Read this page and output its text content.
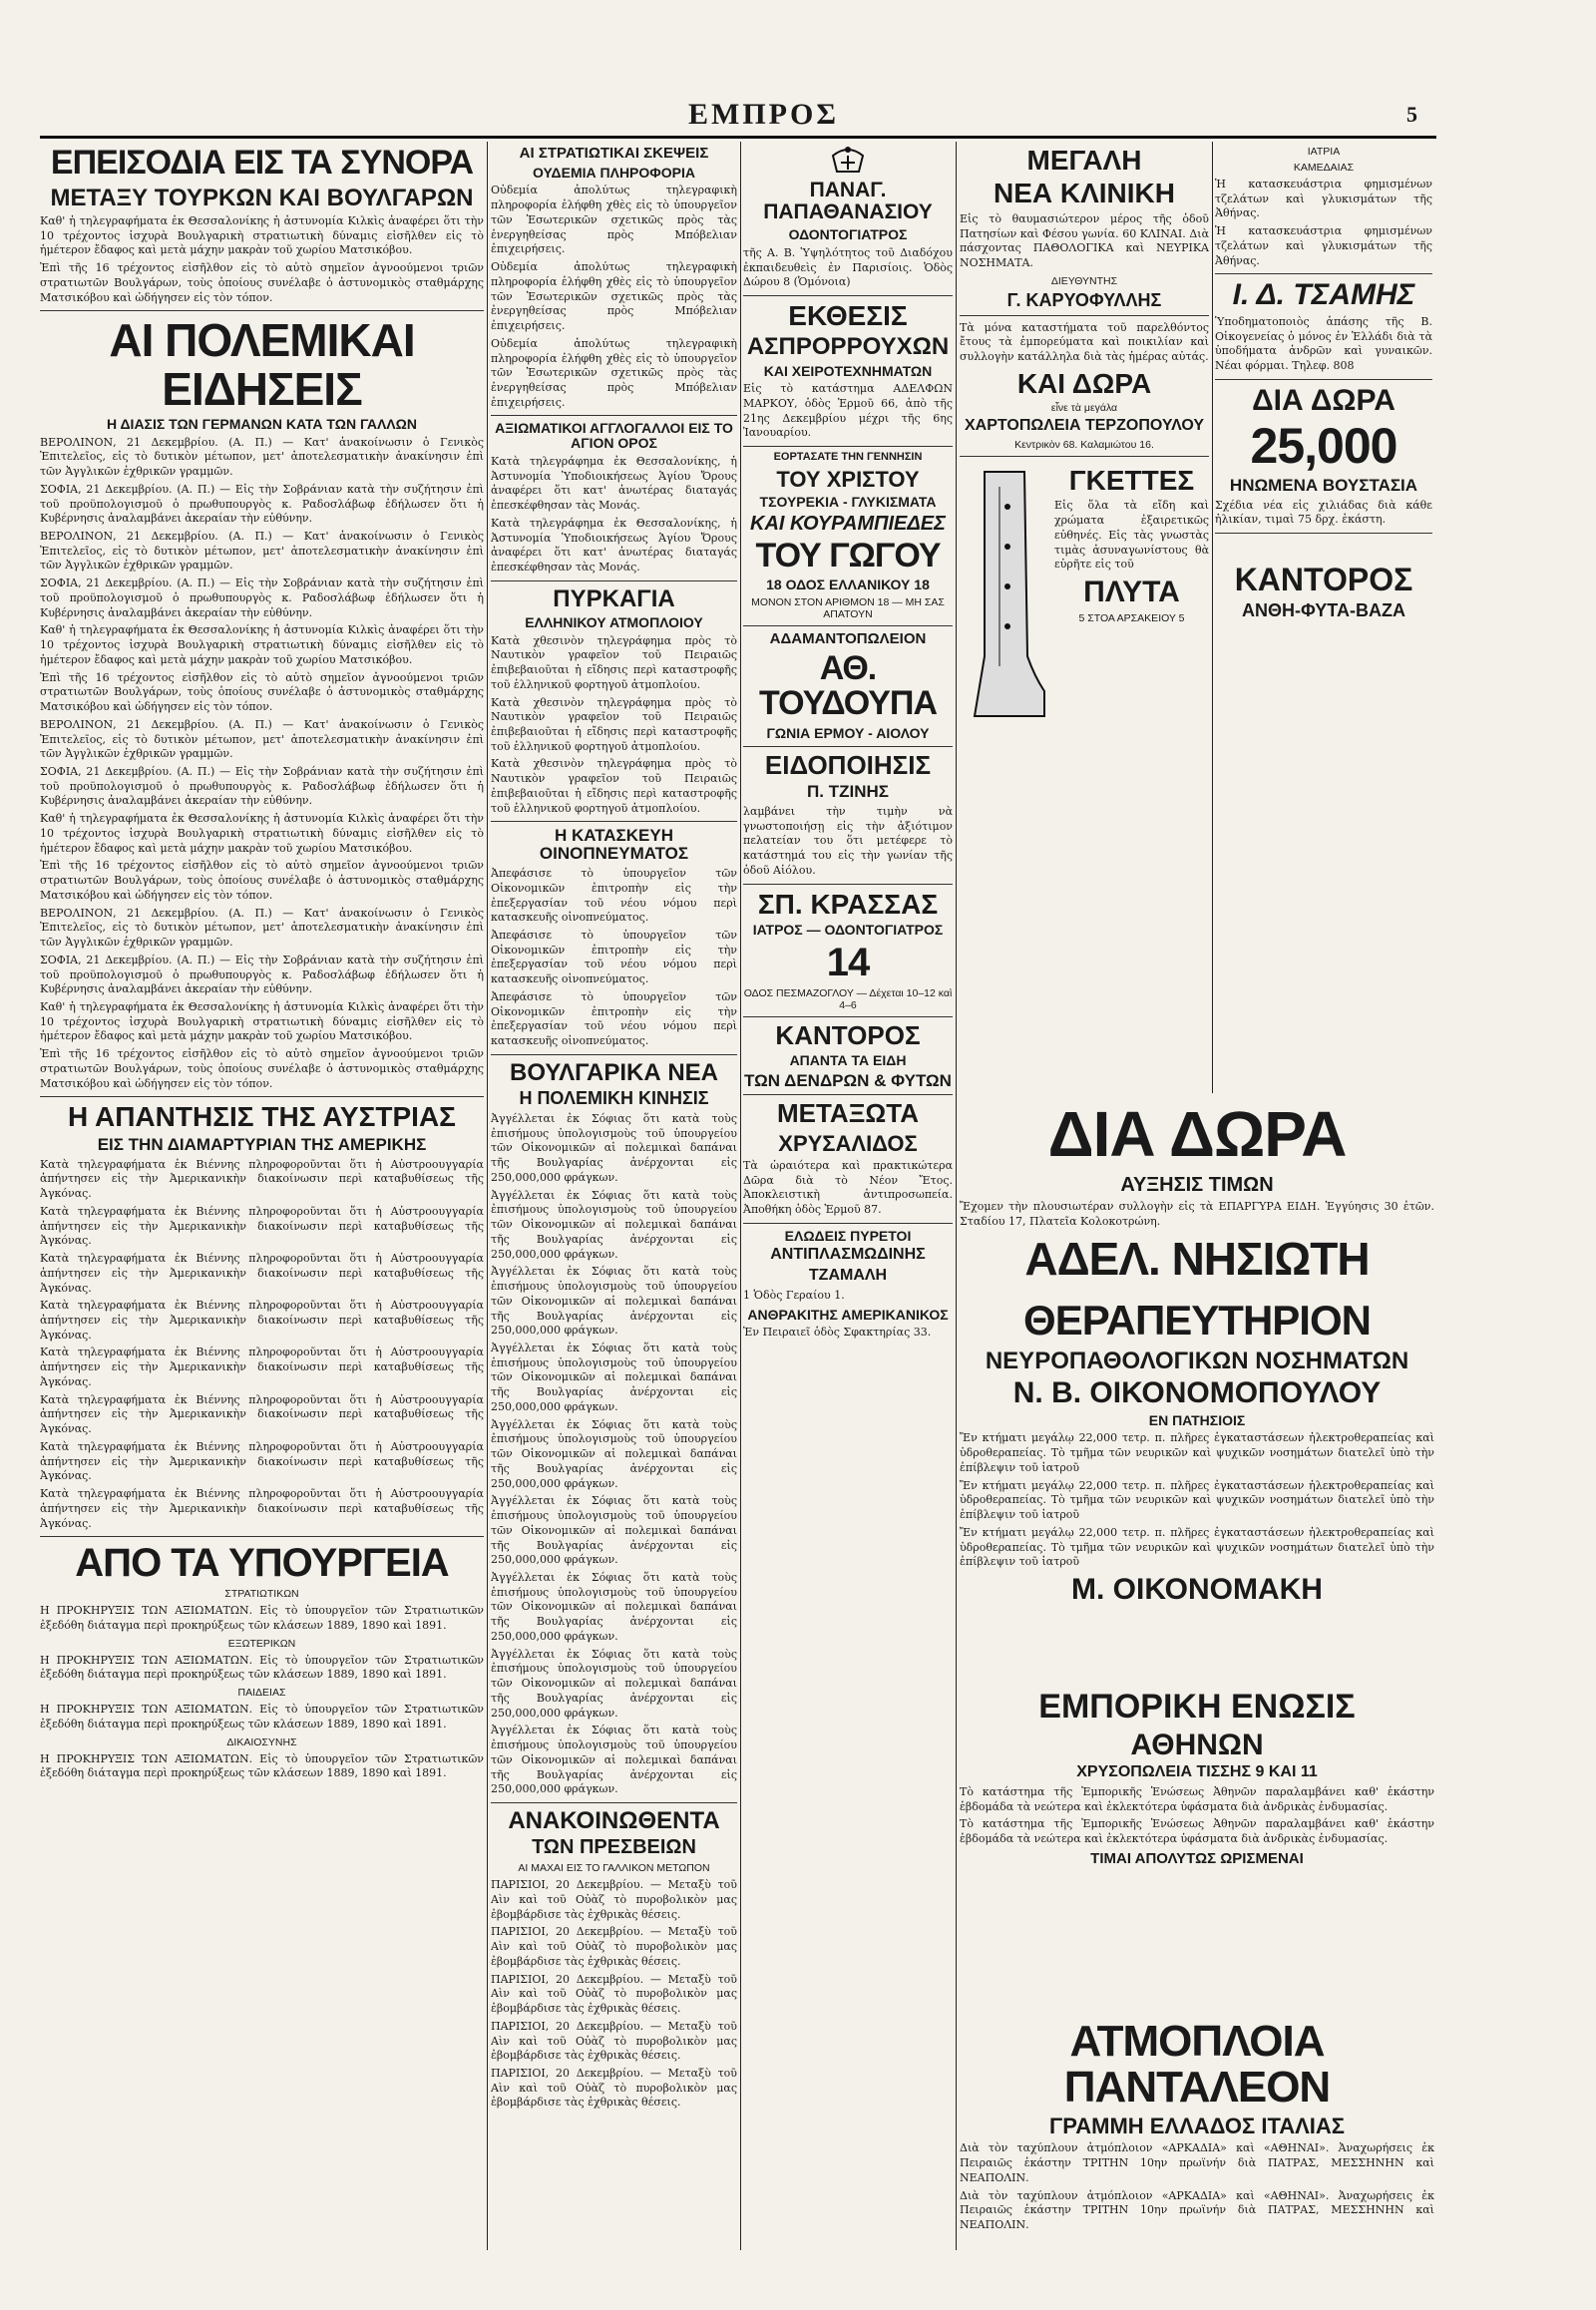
ΕΜΠΡΟΣ	5
ΕΠΕΙΣΟΔΙΑ ΕΙΣ ΤΑ ΣΥΝΟΡΑ
ΜΕΤΑΞΥ ΤΟΥΡΚΩΝ ΚΑΙ ΒΟΥΛΓΑΡΩΝ

Καθ' ἡ τηλεγραφήματα ἐκ Θεσσαλονίκης ἡ ἀστυνομία Κιλκὶς ἀναφέρει ὅτι τὴν 10 τρέχοντος ἰσχυρὰ Βουλγαρικὴ στρατιωτικὴ δύναμις εἰσῆλθεν εἰς τὸ ἡμέτερον ἔδαφος καὶ μετὰ μάχην μακρὰν τοῦ χωρίου Ματσικόβου.

Ἐπὶ τῆς 16 τρέχοντος εἰσῆλθον εἰς τὸ αὐτὸ σημεῖον ἀγνοούμενοι τριῶν στρατιωτῶν Βουλγάρων, τοὺς ὁποίους συνέλαβε ὁ ἀστυνομικὸς σταθμάρχης Ματσικόβου καὶ ὡδήγησεν εἰς τὸν τόπον.

ΑΙ ΠΟΛΕΜΙΚΑΙ ΕΙΔΗΣΕΙΣ
Η ΔΙΑΣΙΣ ΤΩΝ ΓΕΡΜΑΝΩΝ ΚΑΤΑ ΤΩΝ ΓΑΛΛΩΝ

ΒΕΡΟΛΙΝΟΝ, 21 Δεκεμβρίου. (Α. Π.) — Κατ' ἀνακοίνωσιν ὁ Γενικὸς Ἐπιτελεῖος, εἰς τὸ δυτικὸν μέτωπον, μετ' ἀποτελεσματικὴν ἀνακίνησιν ἐπὶ τῶν Ἀγγλικῶν ἐχθρικῶν γραμμῶν.

ΣΟΦΙΑ, 21 Δεκεμβρίου. (Α. Π.) — Εἰς τὴν Σοβράνιαν κατὰ τὴν συζήτησιν ἐπὶ τοῦ προϋπολογισμοῦ ὁ πρωθυπουργὸς κ. Ραδοσλάβωφ ἐδήλωσεν ὅτι ἡ Κυβέρνησις ἀναλαμβάνει ἀκεραίαν τὴν εὐθύνην.

ΒΕΡΟΛΙΝΟΝ, 21 Δεκεμβρίου. (Α. Π.) — Κατ' ἀνακοίνωσιν ὁ Γενικὸς Ἐπιτελεῖος, εἰς τὸ δυτικὸν μέτωπον, μετ' ἀποτελεσματικὴν ἀνακίνησιν ἐπὶ τῶν Ἀγγλικῶν ἐχθρικῶν γραμμῶν.

ΣΟΦΙΑ, 21 Δεκεμβρίου. (Α. Π.) — Εἰς τὴν Σοβράνιαν κατὰ τὴν συζήτησιν ἐπὶ τοῦ προϋπολογισμοῦ ὁ πρωθυπουργὸς κ. Ραδοσλάβωφ ἐδήλωσεν ὅτι ἡ Κυβέρνησις ἀναλαμβάνει ἀκεραίαν τὴν εὐθύνην.

Καθ' ἡ τηλεγραφήματα ἐκ Θεσσαλονίκης ἡ ἀστυνομία Κιλκὶς ἀναφέρει ὅτι τὴν 10 τρέχοντος ἰσχυρὰ Βουλγαρικὴ στρατιωτικὴ δύναμις εἰσῆλθεν εἰς τὸ ἡμέτερον ἔδαφος καὶ μετὰ μάχην μακρὰν τοῦ χωρίου Ματσικόβου.

Ἐπὶ τῆς 16 τρέχοντος εἰσῆλθον εἰς τὸ αὐτὸ σημεῖον ἀγνοούμενοι τριῶν στρατιωτῶν Βουλγάρων, τοὺς ὁποίους συνέλαβε ὁ ἀστυνομικὸς σταθμάρχης Ματσικόβου καὶ ὡδήγησεν εἰς τὸν τόπον.

ΒΕΡΟΛΙΝΟΝ, 21 Δεκεμβρίου. (Α. Π.) — Κατ' ἀνακοίνωσιν ὁ Γενικὸς Ἐπιτελεῖος, εἰς τὸ δυτικὸν μέτωπον, μετ' ἀποτελεσματικὴν ἀνακίνησιν ἐπὶ τῶν Ἀγγλικῶν ἐχθρικῶν γραμμῶν.

ΣΟΦΙΑ, 21 Δεκεμβρίου. (Α. Π.) — Εἰς τὴν Σοβράνιαν κατὰ τὴν συζήτησιν ἐπὶ τοῦ προϋπολογισμοῦ ὁ πρωθυπουργὸς κ. Ραδοσλάβωφ ἐδήλωσεν ὅτι ἡ Κυβέρνησις ἀναλαμβάνει ἀκεραίαν τὴν εὐθύνην.

Καθ' ἡ τηλεγραφήματα ἐκ Θεσσαλονίκης ἡ ἀστυνομία Κιλκὶς ἀναφέρει ὅτι τὴν 10 τρέχοντος ἰσχυρὰ Βουλγαρικὴ στρατιωτικὴ δύναμις εἰσῆλθεν εἰς τὸ ἡμέτερον ἔδαφος καὶ μετὰ μάχην μακρὰν τοῦ χωρίου Ματσικόβου.

Ἐπὶ τῆς 16 τρέχοντος εἰσῆλθον εἰς τὸ αὐτὸ σημεῖον ἀγνοούμενοι τριῶν στρατιωτῶν Βουλγάρων, τοὺς ὁποίους συνέλαβε ὁ ἀστυνομικὸς σταθμάρχης Ματσικόβου καὶ ὡδήγησεν εἰς τὸν τόπον.

ΒΕΡΟΛΙΝΟΝ, 21 Δεκεμβρίου. (Α. Π.) — Κατ' ἀνακοίνωσιν ὁ Γενικὸς Ἐπιτελεῖος, εἰς τὸ δυτικὸν μέτωπον, μετ' ἀποτελεσματικὴν ἀνακίνησιν ἐπὶ τῶν Ἀγγλικῶν ἐχθρικῶν γραμμῶν.

ΣΟΦΙΑ, 21 Δεκεμβρίου. (Α. Π.) — Εἰς τὴν Σοβράνιαν κατὰ τὴν συζήτησιν ἐπὶ τοῦ προϋπολογισμοῦ ὁ πρωθυπουργὸς κ. Ραδοσλάβωφ ἐδήλωσεν ὅτι ἡ Κυβέρνησις ἀναλαμβάνει ἀκεραίαν τὴν εὐθύνην.

Καθ' ἡ τηλεγραφήματα ἐκ Θεσσαλονίκης ἡ ἀστυνομία Κιλκὶς ἀναφέρει ὅτι τὴν 10 τρέχοντος ἰσχυρὰ Βουλγαρικὴ στρατιωτικὴ δύναμις εἰσῆλθεν εἰς τὸ ἡμέτερον ἔδαφος καὶ μετὰ μάχην μακρὰν τοῦ χωρίου Ματσικόβου.

Ἐπὶ τῆς 16 τρέχοντος εἰσῆλθον εἰς τὸ αὐτὸ σημεῖον ἀγνοούμενοι τριῶν στρατιωτῶν Βουλγάρων, τοὺς ὁποίους συνέλαβε ὁ ἀστυνομικὸς σταθμάρχης Ματσικόβου καὶ ὡδήγησεν εἰς τὸν τόπον.

Η ΑΠΑΝΤΗΣΙΣ ΤΗΣ ΑΥΣΤΡΙΑΣ
ΕΙΣ ΤΗΝ ΔΙΑΜΑΡΤΥΡΙΑΝ ΤΗΣ ΑΜΕΡΙΚΗΣ

Κατὰ τηλεγραφήματα ἐκ Βιέννης πληροφοροῦνται ὅτι ἡ Αὐστροουγγαρία ἀπήντησεν εἰς τὴν Ἀμερικανικὴν διακοίνωσιν περὶ καταβυθίσεως τῆς Ἀγκόνας.

Κατὰ τηλεγραφήματα ἐκ Βιέννης πληροφοροῦνται ὅτι ἡ Αὐστροουγγαρία ἀπήντησεν εἰς τὴν Ἀμερικανικὴν διακοίνωσιν περὶ καταβυθίσεως τῆς Ἀγκόνας.

Κατὰ τηλεγραφήματα ἐκ Βιέννης πληροφοροῦνται ὅτι ἡ Αὐστροουγγαρία ἀπήντησεν εἰς τὴν Ἀμερικανικὴν διακοίνωσιν περὶ καταβυθίσεως τῆς Ἀγκόνας.

Κατὰ τηλεγραφήματα ἐκ Βιέννης πληροφοροῦνται ὅτι ἡ Αὐστροουγγαρία ἀπήντησεν εἰς τὴν Ἀμερικανικὴν διακοίνωσιν περὶ καταβυθίσεως τῆς Ἀγκόνας.

Κατὰ τηλεγραφήματα ἐκ Βιέννης πληροφοροῦνται ὅτι ἡ Αὐστροουγγαρία ἀπήντησεν εἰς τὴν Ἀμερικανικὴν διακοίνωσιν περὶ καταβυθίσεως τῆς Ἀγκόνας.

Κατὰ τηλεγραφήματα ἐκ Βιέννης πληροφοροῦνται ὅτι ἡ Αὐστροουγγαρία ἀπήντησεν εἰς τὴν Ἀμερικανικὴν διακοίνωσιν περὶ καταβυθίσεως τῆς Ἀγκόνας.

Κατὰ τηλεγραφήματα ἐκ Βιέννης πληροφοροῦνται ὅτι ἡ Αὐστροουγγαρία ἀπήντησεν εἰς τὴν Ἀμερικανικὴν διακοίνωσιν περὶ καταβυθίσεως τῆς Ἀγκόνας.

Κατὰ τηλεγραφήματα ἐκ Βιέννης πληροφοροῦνται ὅτι ἡ Αὐστροουγγαρία ἀπήντησεν εἰς τὴν Ἀμερικανικὴν διακοίνωσιν περὶ καταβυθίσεως τῆς Ἀγκόνας.

ΑΠΟ ΤΑ ΥΠΟΥΡΓΕΙΑ
ΣΤΡΑΤΙΩΤΙΚΩΝ

Η ΠΡΟΚΗΡΥΞΙΣ ΤΩΝ ΑΞΙΩΜΑΤΩΝ. Εἰς τὸ ὑπουργεῖον τῶν Στρατιωτικῶν ἐξεδόθη διάταγμα περὶ προκηρύξεως τῶν κλάσεων 1889, 1890 καὶ 1891.

ΕΞΩΤΕΡΙΚΩΝ

Η ΠΡΟΚΗΡΥΞΙΣ ΤΩΝ ΑΞΙΩΜΑΤΩΝ. Εἰς τὸ ὑπουργεῖον τῶν Στρατιωτικῶν ἐξεδόθη διάταγμα περὶ προκηρύξεως τῶν κλάσεων 1889, 1890 καὶ 1891.

ΠΑΙΔΕΙΑΣ

Η ΠΡΟΚΗΡΥΞΙΣ ΤΩΝ ΑΞΙΩΜΑΤΩΝ. Εἰς τὸ ὑπουργεῖον τῶν Στρατιωτικῶν ἐξεδόθη διάταγμα περὶ προκηρύξεως τῶν κλάσεων 1889, 1890 καὶ 1891.

ΔΙΚΑΙΟΣΥΝΗΣ

Η ΠΡΟΚΗΡΥΞΙΣ ΤΩΝ ΑΞΙΩΜΑΤΩΝ. Εἰς τὸ ὑπουργεῖον τῶν Στρατιωτικῶν ἐξεδόθη διάταγμα περὶ προκηρύξεως τῶν κλάσεων 1889, 1890 καὶ 1891.

ΑΙ ΣΤΡΑΤΙΩΤΙΚΑΙ ΣΚΕΨΕΙΣ
ΟΥΔΕΜΙΑ ΠΛΗΡΟΦΟΡΙΑ

Οὐδεμία ἀπολύτως τηλεγραφικὴ πληροφορία ἐλήφθη χθὲς εἰς τὸ ὑπουργεῖον τῶν Ἐσωτερικῶν σχετικῶς πρὸς τὰς ἐνεργηθείσας πρὸς Μπόβελιαν ἐπιχειρήσεις.

Οὐδεμία ἀπολύτως τηλεγραφικὴ πληροφορία ἐλήφθη χθὲς εἰς τὸ ὑπουργεῖον τῶν Ἐσωτερικῶν σχετικῶς πρὸς τὰς ἐνεργηθείσας πρὸς Μπόβελιαν ἐπιχειρήσεις.

Οὐδεμία ἀπολύτως τηλεγραφικὴ πληροφορία ἐλήφθη χθὲς εἰς τὸ ὑπουργεῖον τῶν Ἐσωτερικῶν σχετικῶς πρὸς τὰς ἐνεργηθείσας πρὸς Μπόβελιαν ἐπιχειρήσεις.

ΑΞΙΩΜΑΤΙΚΟΙ ΑΓΓΛΟΓΑΛΛΟΙ ΕΙΣ ΤΟ ΑΓΙΟΝ ΟΡΟΣ

Κατὰ τηλεγράφημα ἐκ Θεσσαλονίκης, ἡ Ἀστυνομία Ὑποδιοικήσεως Ἁγίου Ὄρους ἀναφέρει ὅτι κατ' ἀνωτέρας διαταγάς ἐπεσκέφθησαν τὰς Μονάς.

Κατὰ τηλεγράφημα ἐκ Θεσσαλονίκης, ἡ Ἀστυνομία Ὑποδιοικήσεως Ἁγίου Ὄρους ἀναφέρει ὅτι κατ' ἀνωτέρας διαταγάς ἐπεσκέφθησαν τὰς Μονάς.

ΠΥΡΚΑΓΙΑ
ΕΛΛΗΝΙΚΟΥ ΑΤΜΟΠΛΟΙΟΥ

Κατὰ χθεσινὸν τηλεγράφημα πρὸς τὸ Ναυτικὸν γραφεῖον τοῦ Πειραιῶς ἐπιβεβαιοῦται ἡ εἴδησις περὶ καταστροφῆς τοῦ ἑλληνικοῦ φορτηγοῦ ἀτμοπλοίου.

Κατὰ χθεσινὸν τηλεγράφημα πρὸς τὸ Ναυτικὸν γραφεῖον τοῦ Πειραιῶς ἐπιβεβαιοῦται ἡ εἴδησις περὶ καταστροφῆς τοῦ ἑλληνικοῦ φορτηγοῦ ἀτμοπλοίου.

Κατὰ χθεσινὸν τηλεγράφημα πρὸς τὸ Ναυτικὸν γραφεῖον τοῦ Πειραιῶς ἐπιβεβαιοῦται ἡ εἴδησις περὶ καταστροφῆς τοῦ ἑλληνικοῦ φορτηγοῦ ἀτμοπλοίου.

Η ΚΑΤΑΣΚΕΥΗ ΟΙΝΟΠΝΕΥΜΑΤΟΣ

Ἀπεφάσισε τὸ ὑπουργεῖον τῶν Οἰκονομικῶν ἐπιτροπὴν εἰς τὴν ἐπεξεργασίαν τοῦ νέου νόμου περὶ κατασκευῆς οἰνοπνεύματος.

Ἀπεφάσισε τὸ ὑπουργεῖον τῶν Οἰκονομικῶν ἐπιτροπὴν εἰς τὴν ἐπεξεργασίαν τοῦ νέου νόμου περὶ κατασκευῆς οἰνοπνεύματος.

Ἀπεφάσισε τὸ ὑπουργεῖον τῶν Οἰκονομικῶν ἐπιτροπὴν εἰς τὴν ἐπεξεργασίαν τοῦ νέου νόμου περὶ κατασκευῆς οἰνοπνεύματος.

ΒΟΥΛΓΑΡΙΚΑ ΝΕΑ
Η ΠΟΛΕΜΙΚΗ ΚΙΝΗΣΙΣ

Ἀγγέλλεται ἐκ Σόφιας ὅτι κατὰ τοὺς ἐπισήμους ὑπολογισμοὺς τοῦ ὑπουργείου τῶν Οἰκονομικῶν αἱ πολεμικαὶ δαπάναι τῆς Βουλγαρίας ἀνέρχονται εἰς 250,000,000 φράγκων.

Ἀγγέλλεται ἐκ Σόφιας ὅτι κατὰ τοὺς ἐπισήμους ὑπολογισμοὺς τοῦ ὑπουργείου τῶν Οἰκονομικῶν αἱ πολεμικαὶ δαπάναι τῆς Βουλγαρίας ἀνέρχονται εἰς 250,000,000 φράγκων.

Ἀγγέλλεται ἐκ Σόφιας ὅτι κατὰ τοὺς ἐπισήμους ὑπολογισμοὺς τοῦ ὑπουργείου τῶν Οἰκονομικῶν αἱ πολεμικαὶ δαπάναι τῆς Βουλγαρίας ἀνέρχονται εἰς 250,000,000 φράγκων.

Ἀγγέλλεται ἐκ Σόφιας ὅτι κατὰ τοὺς ἐπισήμους ὑπολογισμοὺς τοῦ ὑπουργείου τῶν Οἰκονομικῶν αἱ πολεμικαὶ δαπάναι τῆς Βουλγαρίας ἀνέρχονται εἰς 250,000,000 φράγκων.

Ἀγγέλλεται ἐκ Σόφιας ὅτι κατὰ τοὺς ἐπισήμους ὑπολογισμοὺς τοῦ ὑπουργείου τῶν Οἰκονομικῶν αἱ πολεμικαὶ δαπάναι τῆς Βουλγαρίας ἀνέρχονται εἰς 250,000,000 φράγκων.

Ἀγγέλλεται ἐκ Σόφιας ὅτι κατὰ τοὺς ἐπισήμους ὑπολογισμοὺς τοῦ ὑπουργείου τῶν Οἰκονομικῶν αἱ πολεμικαὶ δαπάναι τῆς Βουλγαρίας ἀνέρχονται εἰς 250,000,000 φράγκων.

Ἀγγέλλεται ἐκ Σόφιας ὅτι κατὰ τοὺς ἐπισήμους ὑπολογισμοὺς τοῦ ὑπουργείου τῶν Οἰκονομικῶν αἱ πολεμικαὶ δαπάναι τῆς Βουλγαρίας ἀνέρχονται εἰς 250,000,000 φράγκων.

Ἀγγέλλεται ἐκ Σόφιας ὅτι κατὰ τοὺς ἐπισήμους ὑπολογισμοὺς τοῦ ὑπουργείου τῶν Οἰκονομικῶν αἱ πολεμικαὶ δαπάναι τῆς Βουλγαρίας ἀνέρχονται εἰς 250,000,000 φράγκων.

Ἀγγέλλεται ἐκ Σόφιας ὅτι κατὰ τοὺς ἐπισήμους ὑπολογισμοὺς τοῦ ὑπουργείου τῶν Οἰκονομικῶν αἱ πολεμικαὶ δαπάναι τῆς Βουλγαρίας ἀνέρχονται εἰς 250,000,000 φράγκων.

ΑΝΑΚΟΙΝΩΘΕΝΤΑ
ΤΩΝ ΠΡΕΣΒΕΙΩΝ
ΑΙ ΜΑΧΑΙ ΕΙΣ ΤΟ ΓΑΛΛΙΚΟΝ ΜΕΤΩΠΟΝ

ΠΑΡΙΣΙΟΙ, 20 Δεκεμβρίου. — Μεταξὺ τοῦ Αὶν καὶ τοῦ Οὐὰζ τὸ πυροβολικὸν μας ἐβομβάρδισε τὰς ἐχθρικὰς θέσεις.

ΠΑΡΙΣΙΟΙ, 20 Δεκεμβρίου. — Μεταξὺ τοῦ Αὶν καὶ τοῦ Οὐὰζ τὸ πυροβολικὸν μας ἐβομβάρδισε τὰς ἐχθρικὰς θέσεις.

ΠΑΡΙΣΙΟΙ, 20 Δεκεμβρίου. — Μεταξὺ τοῦ Αὶν καὶ τοῦ Οὐὰζ τὸ πυροβολικὸν μας ἐβομβάρδισε τὰς ἐχθρικὰς θέσεις.

ΠΑΡΙΣΙΟΙ, 20 Δεκεμβρίου. — Μεταξὺ τοῦ Αὶν καὶ τοῦ Οὐὰζ τὸ πυροβολικὸν μας ἐβομβάρδισε τὰς ἐχθρικὰς θέσεις.

ΠΑΡΙΣΙΟΙ, 20 Δεκεμβρίου. — Μεταξὺ τοῦ Αὶν καὶ τοῦ Οὐὰζ τὸ πυροβολικὸν μας ἐβομβάρδισε τὰς ἐχθρικὰς θέσεις.

ΠΑΝΑΓ. ΠΑΠΑΘΑΝΑΣΙΟΥ
ΟΔΟΝΤΟΓΙΑΤΡΟΣ

τῆς Α. Β. Ὑψηλότητος τοῦ Διαδόχου ἐκπαιδευθεὶς ἐν Παρισίοις. Ὁδὸς Δώρου 8 (Ὁμόνοια)

ΕΚΘΕΣΙΣ
ΑΣΠΡΟΡΡΟΥΧΩΝ
ΚΑΙ ΧΕΙΡΟΤΕΧΝΗΜΑΤΩΝ

Εἰς τὸ κατάστημα ΑΔΕΛΦΩΝ ΜΑΡΚΟΥ, ὁδὸς Ἑρμοῦ 66, ἀπὸ τῆς 21ης Δεκεμβρίου μέχρι τῆς 6ης Ἰανουαρίου.

ΕΟΡΤΑΣΑΤΕ ΤΗΝ ΓΕΝΝΗΣΙΝ
ΤΟΥ ΧΡΙΣΤΟΥ
ΤΣΟΥΡΕΚΙΑ - ΓΛΥΚΙΣΜΑΤΑ
ΚΑΙ ΚΟΥΡΑΜΠΙΕΔΕΣ
ΤΟΥ ΓΩΓΟΥ
18 ΟΔΟΣ ΕΛΛΑΝΙΚΟΥ 18
ΜΟΝΟΝ ΣΤΟΝ ΑΡΙΘΜΟΝ 18 — ΜΗ ΣΑΣ ΑΠΑΤΟΥΝ
ΑΔΑΜΑΝΤΟΠΩΛΕΙΟΝ
ΑΘ. ΤΟΥΔΟΥΠΑ
ΓΩΝΙΑ ΕΡΜΟΥ - ΑΙΟΛΟΥ
ΕΙΔΟΠΟΙΗΣΙΣ
Π. ΤΖΙΝΗΣ

λαμβάνει τὴν τιμὴν νὰ γνωστοποιήσῃ εἰς τὴν ἀξιότιμον πελατείαν του ὅτι μετέφερε τὸ κατάστημά του εἰς τὴν γωνίαν τῆς ὁδοῦ Αἰόλου.

ΣΠ. ΚΡΑΣΣΑΣ
ΙΑΤΡΟΣ — ΟΔΟΝΤΟΓΙΑΤΡΟΣ
14
ΟΔΟΣ ΠΕΣΜΑΖΟΓΛΟΥ — Δέχεται 10–12 καὶ 4–6
ΚΑΝΤΟΡΟΣ
ΑΠΑΝΤΑ ΤΑ ΕΙΔΗ
ΤΩΝ ΔΕΝΔΡΩΝ & ΦΥΤΩΝ
ΜΕΤΑΞΩΤΑ
ΧΡΥΣΑΛΙΔΟΣ

Τὰ ὡραιότερα καὶ πρακτικώτερα Δῶρα διὰ τὸ Νέον Ἔτος. Ἀποκλειστικὴ ἀντιπροσωπεία. Ἀποθήκη ὁδὸς Ἑρμοῦ 87.

ΕΛΩΔΕΙΣ ΠΥΡΕΤΟΙ
ΑΝΤΙΠΛΑΣΜΩΔΙΝΗΣ
ΤΖΑΜΑΛΗ

1 Ὁδὸς Γεραίου 1.

ΑΝΘΡΑΚΙΤΗΣ ΑΜΕΡΙΚΑΝΙΚΟΣ

Ἐν Πειραιεῖ ὁδὸς Σφακτηρίας 33.

ΜΕΓΑΛΗ
ΝΕΑ ΚΛΙΝΙΚΗ

Εἰς τὸ θαυμασιώτερον μέρος τῆς ὁδοῦ Πατησίων καὶ Φέσου γωνία. 60 ΚΛΙΝΑΙ. Διὰ πάσχοντας ΠΑΘΟΛΟΓΙΚΑ καὶ ΝΕΥΡΙΚΑ ΝΟΣΗΜΑΤΑ.

ΔΙΕΥΘΥΝΤΗΣ
Γ. ΚΑΡΥΟΦΥΛΛΗΣ

Τὰ μόνα καταστήματα τοῦ παρελθόντος ἔτους τὰ ἐμπορεύματα καὶ ποικιλίαν καὶ συλλογὴν κατάλληλα διὰ τὰς ἡμέρας αὐτάς.

ΚΑΙ ΔΩΡΑ
εἶνε τὰ μεγάλα
ΧΑΡΤΟΠΩΛΕΙΑ ΤΕΡΖΟΠΟΥΛΟΥ
Κεντρικὸν 68. Καλαμιώτου 16.
ΓΚΕΤΤΕΣ

Εἰς ὅλα τὰ εἴδη καὶ χρώματα ἐξαιρετικῶς εὐθηνές. Εἰς τὰς γνωστὰς τιμὰς ἀσυναγωνίστους θὰ εὑρῆτε εἰς τοῦ

ΠΛΥΤΑ
5 ΣΤΟΑ ΑΡΣΑΚΕΙΟΥ 5
ΙΑΤΡΙΑ
ΚΑΜΕΔΑΙΑΣ

Ἡ κατασκευάστρια φημισμένων τζελάτων καὶ γλυκισμάτων τῆς Ἀθήνας.

Ἡ κατασκευάστρια φημισμένων τζελάτων καὶ γλυκισμάτων τῆς Ἀθήνας.

Ι. Δ. ΤΣΑΜΗΣ

Ὑποδηματοποιὸς ἁπάσης τῆς Β. Οἰκογενείας ὁ μόνος ἐν Ἑλλάδι διὰ τὰ ὑποδήματα ἀνδρῶν καὶ γυναικῶν. Νέαι φόρμαι. Τηλεφ. 808

ΔΙΑ ΔΩΡΑ
25,000
ΗΝΩΜΕΝΑ ΒΟΥΣΤΑΣΙΑ

Σχέδια νέα εἰς χιλιάδας διὰ κάθε ἡλικίαν, τιμαὶ 75 δρχ. ἑκάστη.

ΚΑΝΤΟΡΟΣ
ΑΝΘΗ-ΦΥΤΑ-ΒΑΖΑ
ΔΙΑ ΔΩΡΑ
ΑΥΞΗΣΙΣ ΤΙΜΩΝ

Ἔχομεν τὴν πλουσιωτέραν συλλογὴν εἰς τὰ ΕΠΑΡΓΥΡΑ ΕΙΔΗ. Ἐγγύησις 30 ἐτῶν. Σταδίου 17, Πλατεῖα Κολοκοτρώνη.

ΑΔΕΛ. ΝΗΣΙΩΤΗ
ΘΕΡΑΠΕΥΤΗΡΙΟΝ
ΝΕΥΡΟΠΑΘΟΛΟΓΙΚΩΝ ΝΟΣΗΜΑΤΩΝ
Ν. Β. ΟΙΚΟΝΟΜΟΠΟΥΛΟΥ
ΕΝ ΠΑΤΗΣΙΟΙΣ

Ἔν κτήματι μεγάλῳ 22,000 τετρ. π. πλῆρες ἐγκαταστάσεων ἠλεκτροθεραπείας καὶ ὑδροθεραπείας. Τὸ τμῆμα τῶν νευρικῶν καὶ ψυχικῶν νοσημάτων διατελεῖ ὑπὸ τὴν ἐπίβλεψιν τοῦ ἰατροῦ

Ἔν κτήματι μεγάλῳ 22,000 τετρ. π. πλῆρες ἐγκαταστάσεων ἠλεκτροθεραπείας καὶ ὑδροθεραπείας. Τὸ τμῆμα τῶν νευρικῶν καὶ ψυχικῶν νοσημάτων διατελεῖ ὑπὸ τὴν ἐπίβλεψιν τοῦ ἰατροῦ

Ἔν κτήματι μεγάλῳ 22,000 τετρ. π. πλῆρες ἐγκαταστάσεων ἠλεκτροθεραπείας καὶ ὑδροθεραπείας. Τὸ τμῆμα τῶν νευρικῶν καὶ ψυχικῶν νοσημάτων διατελεῖ ὑπὸ τὴν ἐπίβλεψιν τοῦ ἰατροῦ

Μ. ΟΙΚΟΝΟΜΑΚΗ
ΕΜΠΟΡΙΚΗ ΕΝΩΣΙΣ
ΑΘΗΝΩΝ
ΧΡΥΣΟΠΩΛΕΙΑ ΤΙΣΣΗΣ 9 ΚΑΙ 11

Τὸ κατάστημα τῆς Ἐμπορικῆς Ἑνώσεως Ἀθηνῶν παραλαμβάνει καθ' ἑκάστην ἑβδομάδα τὰ νεώτερα καὶ ἐκλεκτότερα ὑφάσματα διὰ ἀνδρικὰς ἐνδυμασίας.

Τὸ κατάστημα τῆς Ἐμπορικῆς Ἑνώσεως Ἀθηνῶν παραλαμβάνει καθ' ἑκάστην ἑβδομάδα τὰ νεώτερα καὶ ἐκλεκτότερα ὑφάσματα διὰ ἀνδρικὰς ἐνδυμασίας.

ΤΙΜΑΙ ΑΠΟΛΥΤΩΣ ΩΡΙΣΜΕΝΑΙ
ΑΤΜΟΠΛΟΙΑ ΠΑΝΤΑΛΕΟΝ
ΓΡΑΜΜΗ ΕΛΛΑΔΟΣ ΙΤΑΛΙΑΣ

Διὰ τὸν ταχύπλουν ἀτμόπλοιον «ΑΡΚΑΔΙΑ» καὶ «ΑΘΗΝΑΙ». Ἀναχωρήσεις ἐκ Πειραιῶς ἑκάστην ΤΡΙΤΗΝ 10ην πρωϊνήν διὰ ΠΑΤΡΑΣ, ΜΕΣΣΗΝΗΝ καὶ ΝΕΑΠΟΛΙΝ.

Διὰ τὸν ταχύπλουν ἀτμόπλοιον «ΑΡΚΑΔΙΑ» καὶ «ΑΘΗΝΑΙ». Ἀναχωρήσεις ἐκ Πειραιῶς ἑκάστην ΤΡΙΤΗΝ 10ην πρωϊνήν διὰ ΠΑΤΡΑΣ, ΜΕΣΣΗΝΗΝ καὶ ΝΕΑΠΟΛΙΝ.
